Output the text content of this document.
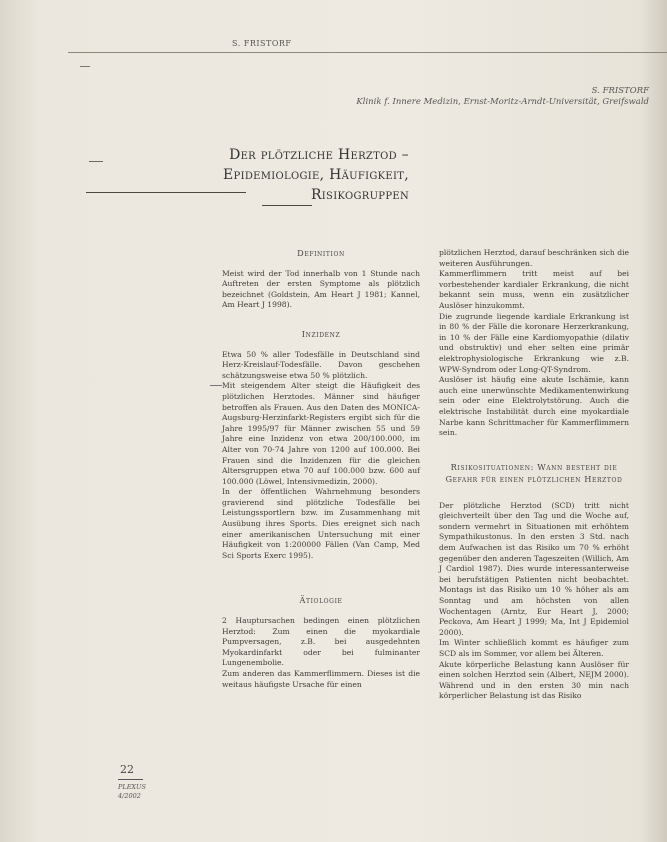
S. FRISTORF
S. FRISTORF
Klinik f. Innere Medizin, Ernst-Moritz-Arndt-Universität, Greifswald
Der plötzliche Herztod – Epidemiologie, Häufigkeit, Risikogruppen
Definition

Meist wird der Tod innerhalb von 1 Stunde nach Auftreten der ersten Symptome als plötzlich bezeichnet (Goldstein, Am Heart J 1981; Kannel, Am Heart J 1998).

Inzidenz

Etwa 50 % aller Todesfälle in Deutschland sind Herz-Kreislauf-Todesfälle. Davon geschehen schätzungsweise etwa 50 % plötzlich.

Mit steigendem Alter steigt die Häufigkeit des plötzlichen Herztodes. Männer sind häufiger betroffen als Frauen. Aus den Daten des MONICA-Augsburg-Herzinfarkt-Registers ergibt sich für die Jahre 1995/97 für Männer zwischen 55 und 59 Jahre eine Inzidenz von etwa 200/100.000, im Alter von 70-74 Jahre von 1200 auf 100.000. Bei Frauen sind die Inzidenzen für die gleichen Altersgruppen etwa 70 auf 100.000 bzw. 600 auf 100.000 (Löwel, Intensivmedizin, 2000).

In der öffentlichen Wahrnehmung besonders gravierend sind plötzliche Todesfälle bei Leistungssportlern bzw. im Zusammenhang mit Ausübung ihres Sports. Dies ereignet sich nach einer amerikanischen Untersuchung mit einer Häufigkeit von 1:200000 Fällen (Van Camp, Med Sci Sports Exerc 1995).

Ätiologie

2 Hauptursachen bedingen einen plötzlichen Herztod: Zum einen die myokardiale Pumpversagen, z.B. bei ausgedehnten Myokardinfarkt oder bei fulminanter Lungenembolie.

Zum anderen das Kammerflimmern. Dieses ist die weitaus häufigste Ursache für einen

plötzlichen Herztod, darauf beschränken sich die weiteren Ausführungen.

Kammerflimmern tritt meist auf bei vorbestehender kardialer Erkrankung, die nicht bekannt sein muss, wenn ein zusätzlicher Auslöser hinzukommt.

Die zugrunde liegende kardiale Erkrankung ist in 80 % der Fälle die koronare Herzerkrankung, in 10 % der Fälle eine Kardiomyopathie (dilativ und obstruktiv) und eher selten eine primär elektrophysiologische Erkrankung wie z.B. WPW-Syndrom oder Long-QT-Syndrom.

Auslöser ist häufig eine akute Ischämie, kann auch eine unerwünschte Medikamentenwirkung sein oder eine Elektrolytstörung. Auch die elektrische Instabilität durch eine myokardiale Narbe kann Schrittmacher für Kammerflimmern sein.

Risikosituationen: Wann besteht die Gefahr für einen plötzlichen Herztod

Der plötzliche Herztod (SCD) tritt nicht gleichverteilt über den Tag und die Woche auf, sondern vermehrt in Situationen mit erhöhtem Sympathikustonus. In den ersten 3 Std. nach dem Aufwachen ist das Risiko um 70 % erhöht gegenüber den anderen Tageszeiten (Willich, Am J Cardiol 1987). Dies wurde interessanterweise bei berufstätigen Patienten nicht beobachtet. Montags ist das Risiko um 10 % höher als am Sonntag und am höchsten von allen Wochentagen (Arntz, Eur Heart J, 2000; Peckova, Am Heart J 1999; Ma, Int J Epidemiol 2000).

Im Winter schließlich kommt es häufiger zum SCD als im Sommer, vor allem bei Älteren.

Akute körperliche Belastung kann Auslöser für einen solchen Herztod sein (Albert, NEJM 2000). Während und in den ersten 30 min nach körperlicher Belastung ist das Risiko

22
PLEXUS
4/2002
